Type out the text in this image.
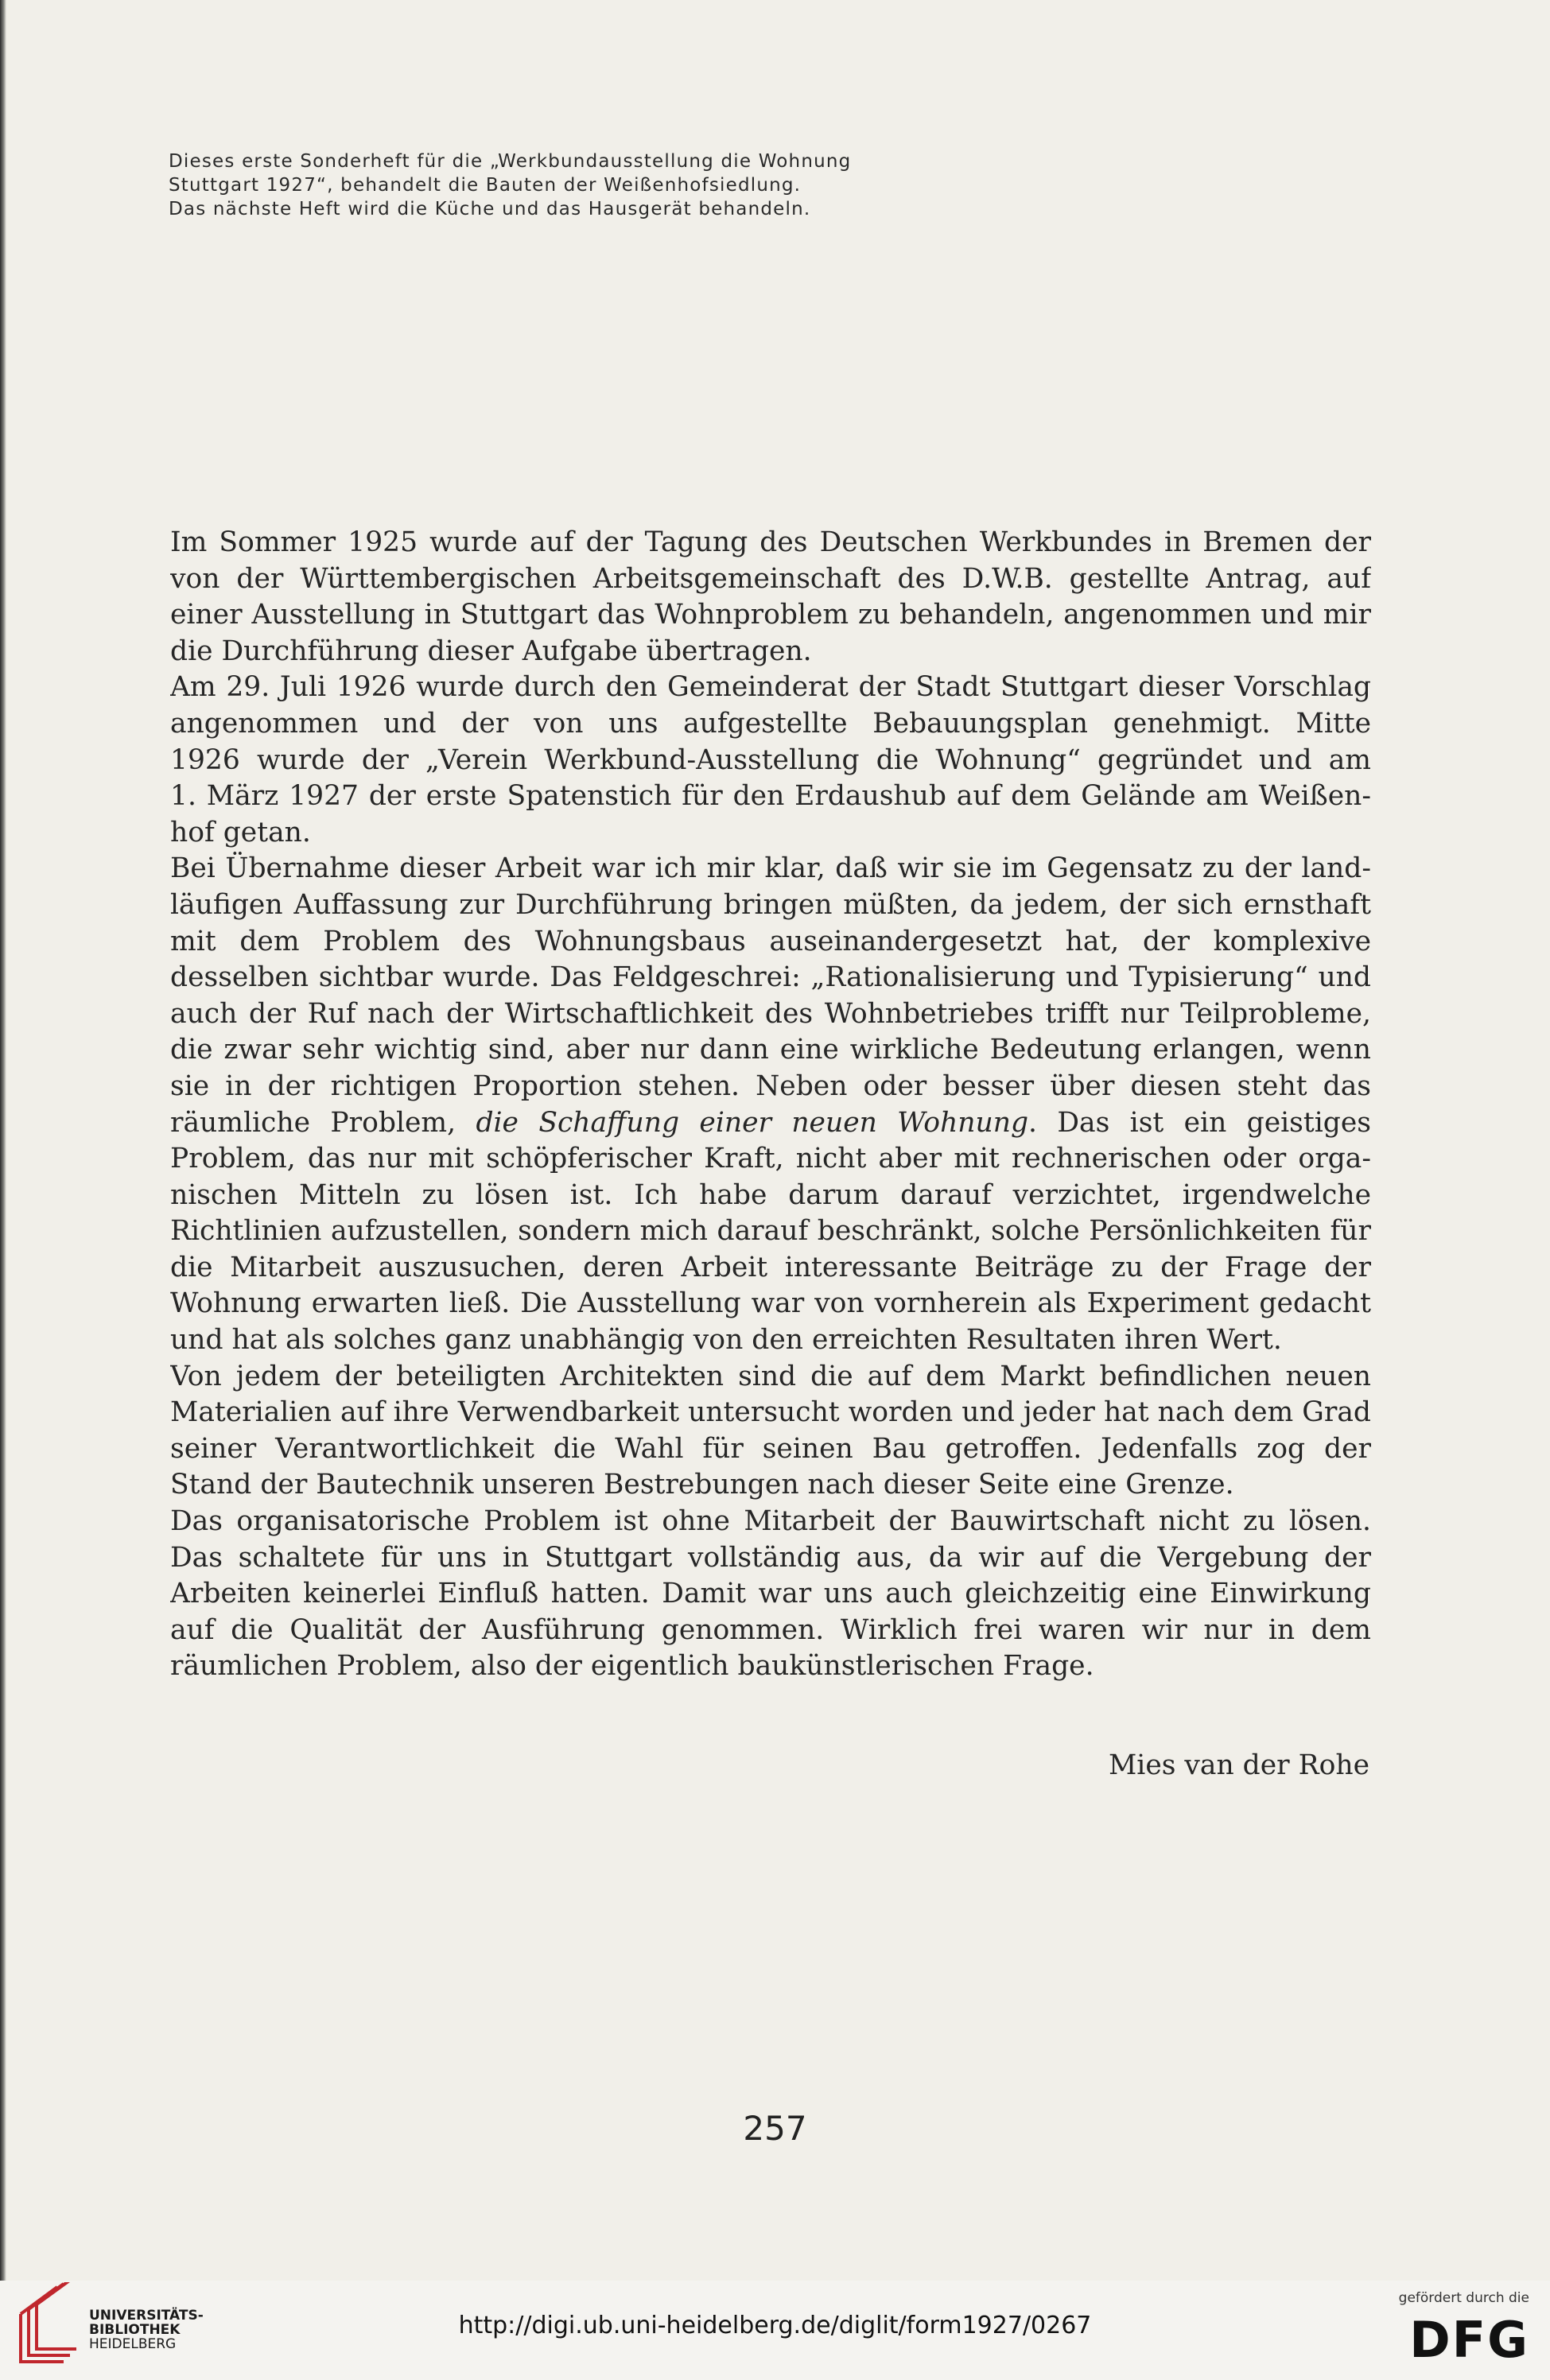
Dieses erste Sonderheft für die „Werkbundausstellung die Wohnung
Stuttgart 1927“, behandelt die Bauten der Weißenhofsiedlung.
Das nächste Heft wird die Küche und das Hausgerät behandeln.
Im Sommer 1925 wurde auf der Tagung des Deutschen Werkbundes in Bremen der
von der Württembergischen Arbeitsgemeinschaft des D.W.B. gestellte Antrag, auf
einer Ausstellung in Stuttgart das Wohnproblem zu behandeln, angenommen und mir
die Durchführung dieser Aufgabe übertragen.
Am 29. Juli 1926 wurde durch den Gemeinderat der Stadt Stuttgart dieser Vorschlag
angenommen und der von uns aufgestellte Bebauungsplan genehmigt. Mitte
1926 wurde der „Verein Werkbund-Ausstellung die Wohnung“ gegründet und am
1. März 1927 der erste Spatenstich für den Erdaushub auf dem Gelände am Weißen-
hof getan.
Bei Übernahme dieser Arbeit war ich mir klar, daß wir sie im Gegensatz zu der land-
läufigen Auffassung zur Durchführung bringen müßten, da jedem, der sich ernsthaft
mit dem Problem des Wohnungsbaus auseinandergesetzt hat, der komplexive
desselben sichtbar wurde. Das Feldgeschrei: „Rationalisierung und Typisierung“ und
auch der Ruf nach der Wirtschaftlichkeit des Wohnbetriebes trifft nur Teilprobleme,
die zwar sehr wichtig sind, aber nur dann eine wirkliche Bedeutung erlangen, wenn
sie in der richtigen Proportion stehen. Neben oder besser über diesen steht das
räumliche Problem, die Schaffung einer neuen Wohnung. Das ist ein geistiges
Problem, das nur mit schöpferischer Kraft, nicht aber mit rechnerischen oder orga-
nischen Mitteln zu lösen ist. Ich habe darum darauf verzichtet, irgendwelche
Richtlinien aufzustellen, sondern mich darauf beschränkt, solche Persönlichkeiten für
die Mitarbeit auszusuchen, deren Arbeit interessante Beiträge zu der Frage der
Wohnung erwarten ließ. Die Ausstellung war von vornherein als Experiment gedacht
und hat als solches ganz unabhängig von den erreichten Resultaten ihren Wert.
Von jedem der beteiligten Architekten sind die auf dem Markt befindlichen neuen
Materialien auf ihre Verwendbarkeit untersucht worden und jeder hat nach dem Grad
seiner Verantwortlichkeit die Wahl für seinen Bau getroffen. Jedenfalls zog der
Stand der Bautechnik unseren Bestrebungen nach dieser Seite eine Grenze.
Das organisatorische Problem ist ohne Mitarbeit der Bauwirtschaft nicht zu lösen.
Das schaltete für uns in Stuttgart vollständig aus, da wir auf die Vergebung der
Arbeiten keinerlei Einfluß hatten. Damit war uns auch gleichzeitig eine Einwirkung
auf die Qualität der Ausführung genommen. Wirklich frei waren wir nur in dem
räumlichen Problem, also der eigentlich baukünstlerischen Frage.
Mies van der Rohe
257
UNIVERSITÄTS-
BIBLIOTHEK
HEIDELBERG
http://digi.ub.uni-heidelberg.de/diglit/form1927/0267
gefördert durch die
DFG
